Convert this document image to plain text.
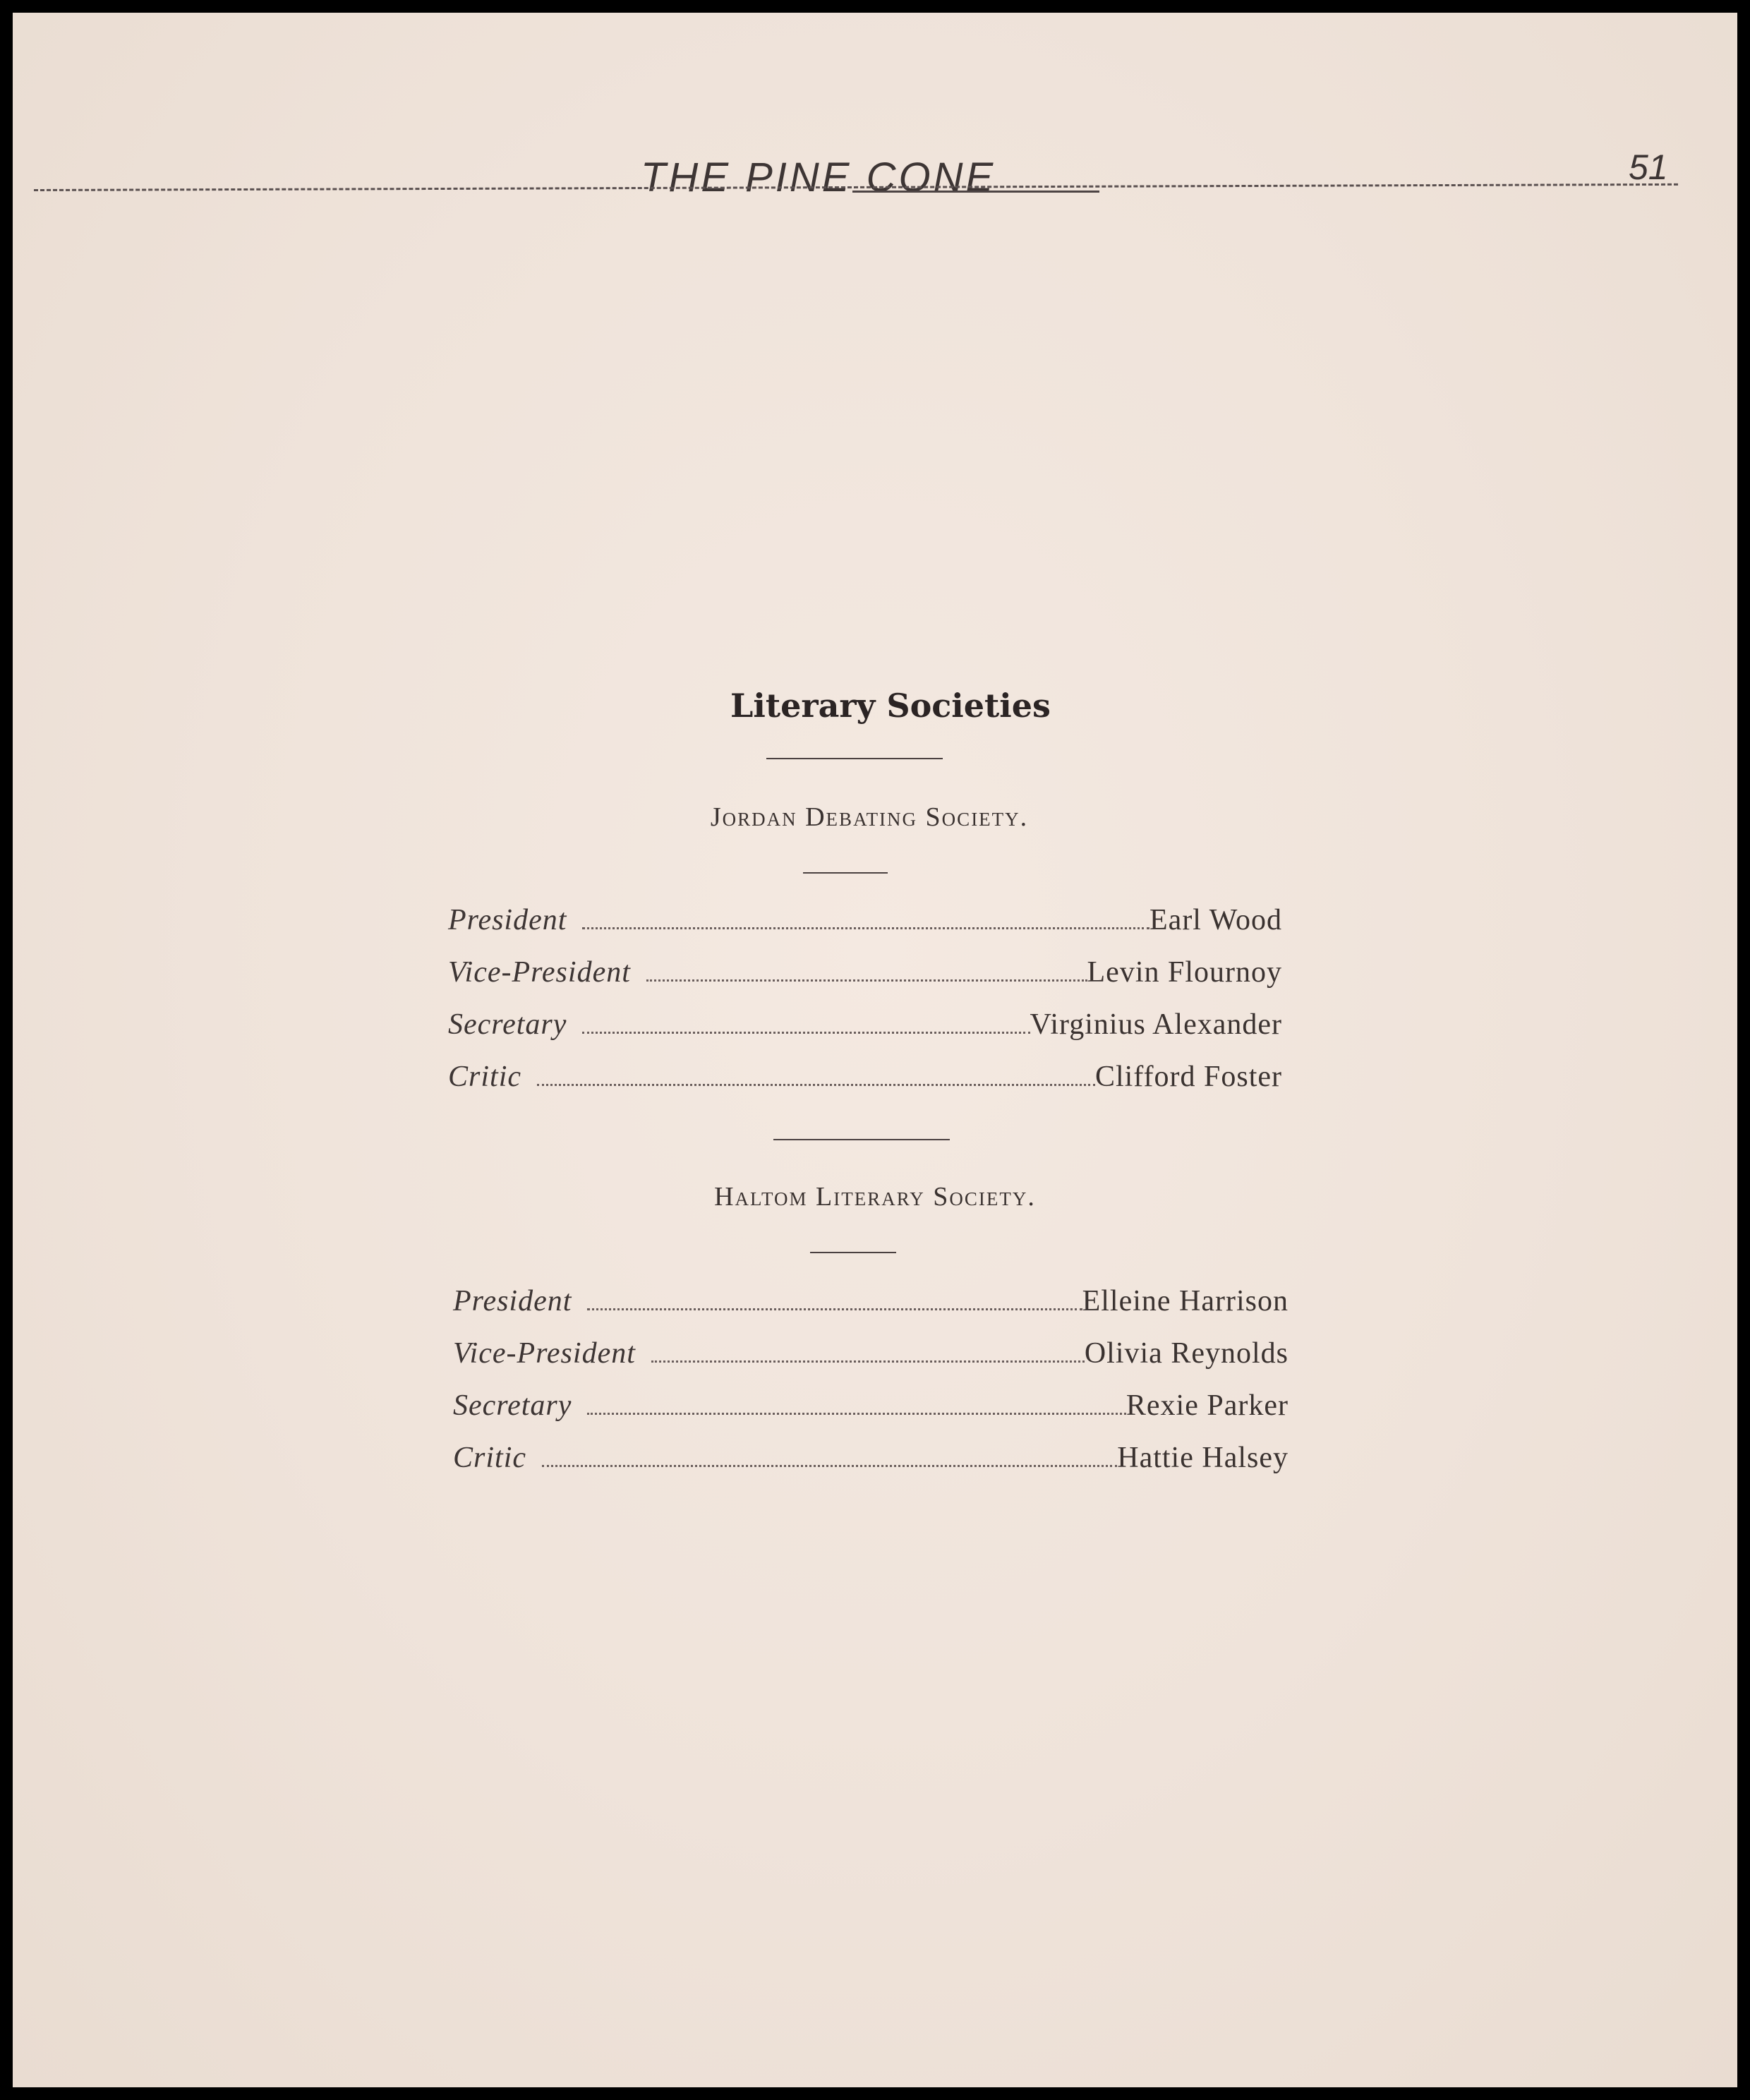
THE PINE CONE	51
Literary Societies
Jordan Debating Society.
President	Earl Wood
Vice-President	Levin Flournoy
Secretary	Virginius Alexander
Critic	Clifford Foster
Haltom Literary Society.
President	Elleine Harrison
Vice-President	Olivia Reynolds
Secretary	Rexie Parker
Critic	Hattie Halsey
